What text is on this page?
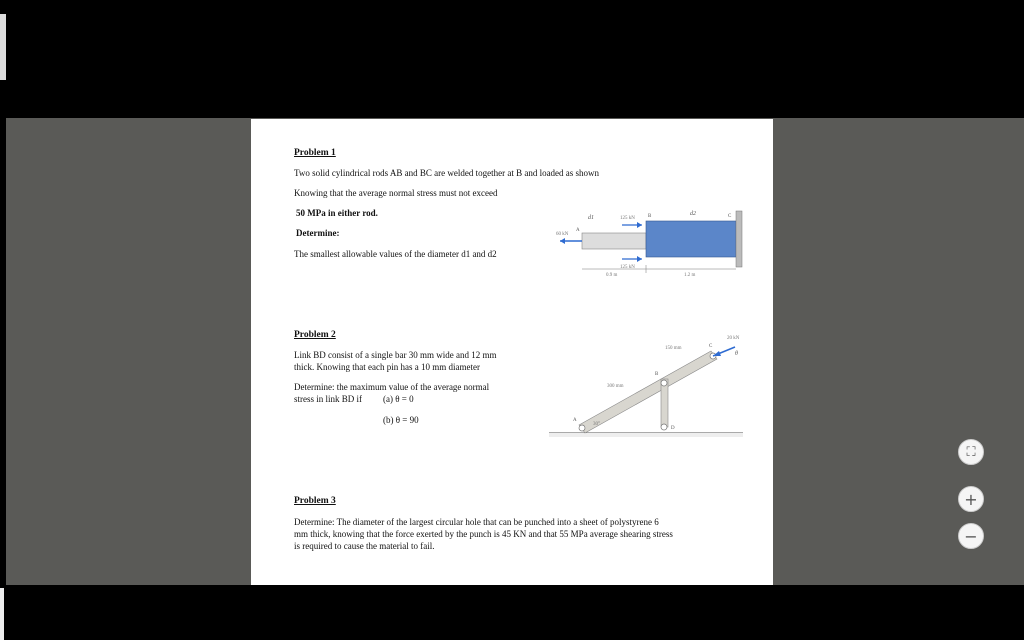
Problem 1
Two solid cylindrical rods AB and BC are welded together at B and loaded as shown
Knowing that the average normal stress must not exceed
50 MPa in either rod.
Determine:
The smallest allowable values of the diameter d1 and d2
d1
d2
125 kN
60 kN
125 kN
A
B	C
0.9 m	1.2 m
Problem 2
Link BD consist of a single bar 30 mm wide and 12 mm
thick. Knowing that each pin has a 10 mm diameter
Determine: the maximum value of the average normal
stress in link BD if (a) θ = 0
(b) θ = 90
20 kN
θ
150 mm
300 mm
30°
A
B
C
D
Problem 3
Determine: The diameter of the largest circular hole that can be punched into a sheet of polystyrene 6
mm thick, knowing that the force exerted by the punch is 45 KN and that 55 MPa average shearing stress
is required to cause the material to fail.
⛶
+
−
